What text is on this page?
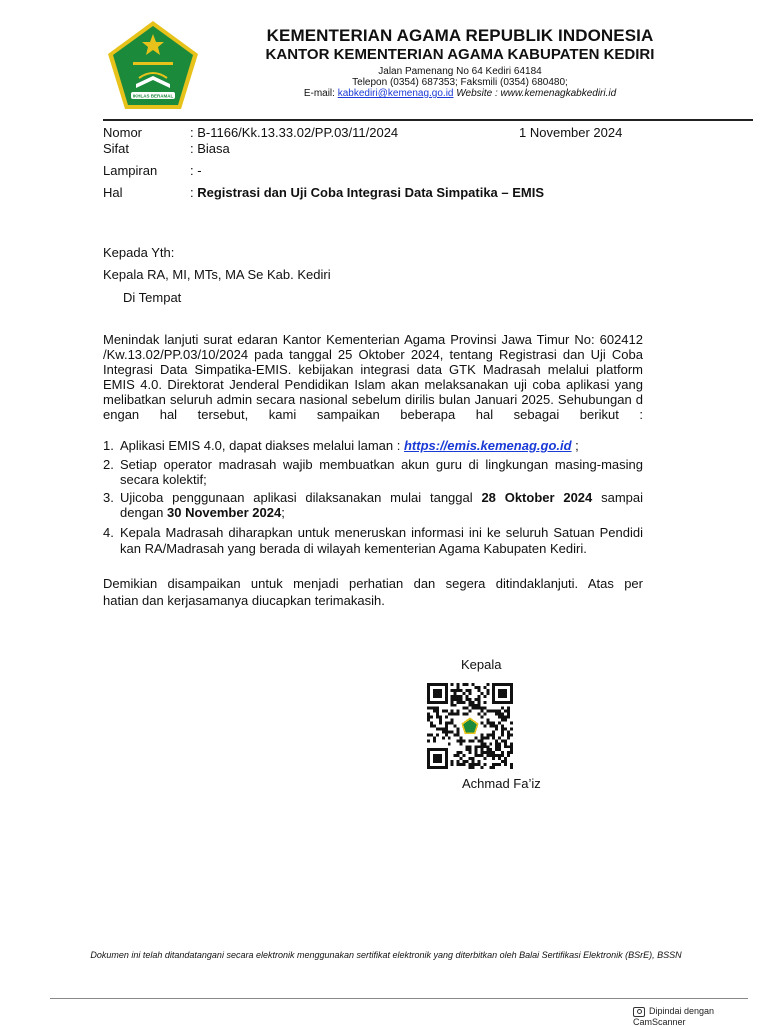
IKHLAS BERAMAL
KEMENTERIAN AGAMA REPUBLIK INDONESIA
KANTOR KEMENTERIAN AGAMA KABUPATEN KEDIRI
Jalan Pamenang No 64 Kediri 64184
Telepon (0354) 687353; Faksmili (0354) 680480;
E-mail: kabkediri@kemenag.go.id Website : www.kemenagkabkediri.id
Nomor	: B-1166/Kk.13.33.02/PP.03/11/2024	1 November 2024
Sifat	: Biasa
Lampiran	: -
Hal	: Registrasi dan Uji Coba Integrasi Data Simpatika – EMIS
Kepada Yth:
Kepala RA, MI, MTs, MA Se Kab. Kediri
Di Tempat
Menindak lanjuti surat edaran Kantor Kementerian Agama Provinsi Jawa Timur No: 602412
/Kw.13.02/PP.03/10/2024 pada tanggal 25 Oktober 2024, tentang Registrasi dan Uji Coba
Integrasi Data Simpatika-EMIS. kebijakan integrasi data GTK Madrasah melalui platform
EMIS 4.0. Direktorat Jenderal Pendidikan Islam akan melaksanakan uji coba aplikasi yang
melibatkan seluruh admin secara nasional sebelum dirilis bulan Januari 2025. Sehubungan d
engan hal tersebut, kami sampaikan beberapa hal sebagai berikut :
1. Aplikasi EMIS 4.0, dapat diakses melalui laman : https://emis.kemenag.go.id ;
2. Setiap operator madrasah wajib membuatkan akun guru di lingkungan masing-masing
secara kolektif;
3. Ujicoba penggunaan aplikasi dilaksanakan mulai tanggal 28 Oktober 2024 sampai
dengan 30 November 2024;
4. Kepala Madrasah diharapkan untuk meneruskan informasi ini ke seluruh Satuan Pendidi
kan RA/Madrasah yang berada di wilayah kementerian Agama Kabupaten Kediri.
Demikian disampaikan untuk menjadi perhatian dan segera ditindaklanjuti. Atas per
hatian dan kerjasamanya diucapkan terimakasih.
Kepala
Achmad Fa’iz
Dokumen ini telah ditandatangani secara elektronik menggunakan sertifikat elektronik yang diterbitkan oleh Balai Sertifikasi Elektronik (BSrE), BSSN
Dipindai dengan CamScanner
